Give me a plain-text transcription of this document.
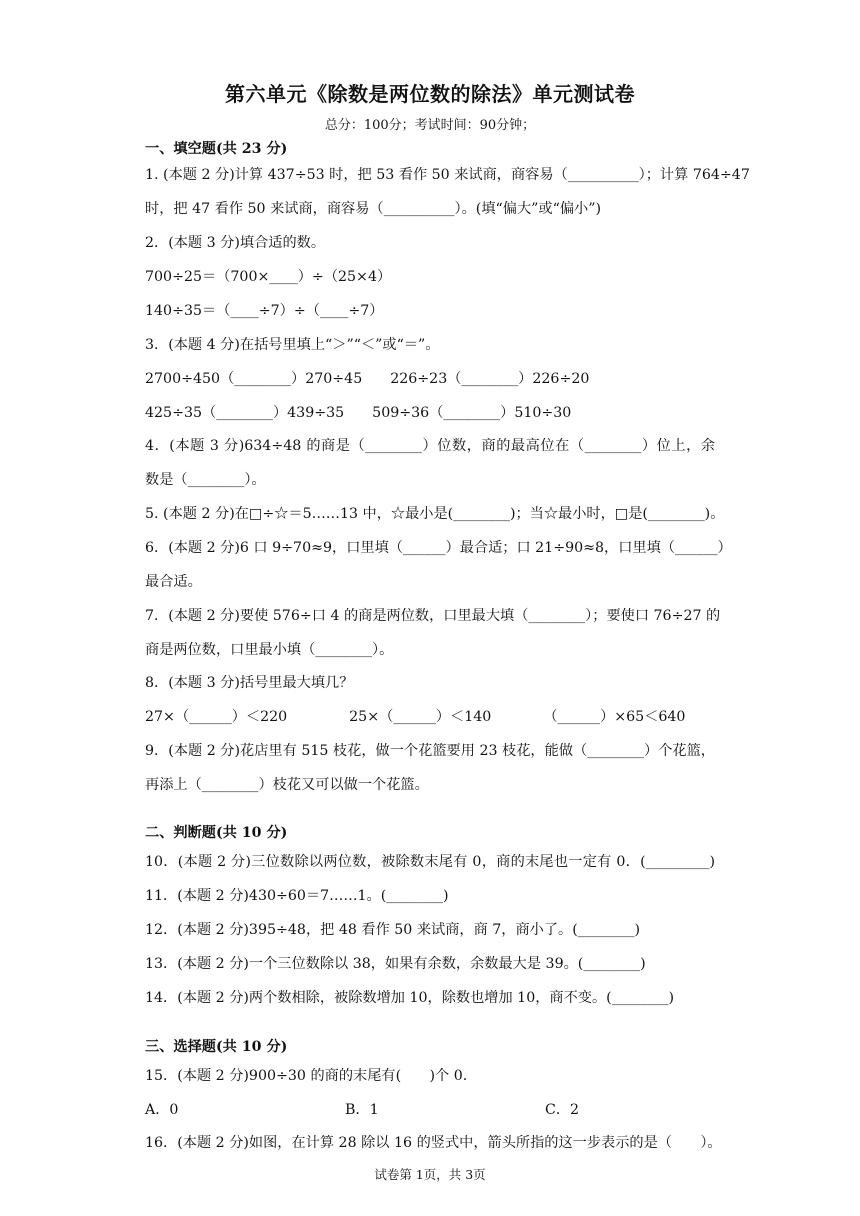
第六单元《除数是两位数的除法》单元测试卷
总分：100分；考试时间：90分钟；
一、填空题(共 23 分)
1. (本题 2 分)计算 437÷53 时，把 53 看作 50 来试商，商容易（__________）；计算 764÷47
时，把 47 看作 50 来试商，商容易（__________）。(填“偏大”或“偏小”)
2．(本题 3 分)填合适的数。
700÷25＝（700×____）÷（25×4）
140÷35＝（____÷7）÷（____÷7）
3．(本题 4 分)在括号里填上“＞”“＜”或“＝”。
2700÷450（________）270÷45 226÷23（________）226÷20
425÷35（________）439÷35 509÷36（________）510÷30
4．(本题 3 分)634÷48 的商是（________）位数，商的最高位在（________）位上，余
数是（________）。
5. (本题 2 分)在□÷☆＝5……13 中，☆最小是(________)；当☆最小时，□是(________)。
6．(本题 2 分)6 口 9÷70≈9，口里填（______）最合适；口 21÷90≈8，口里填（______）
最合适。
7．(本题 2 分)要使 576÷口 4 的商是两位数，口里最大填（________）；要使口 76÷27 的
商是两位数，口里最小填（________）。
8．(本题 3 分)括号里最大填几？
27×（______）＜220	25×（______）＜140	（______）×65＜640
9．(本题 2 分)花店里有 515 枝花，做一个花篮要用 23 枝花，能做（________）个花篮，
再添上（________）枝花又可以做一个花篮。
二、判断题(共 10 分)
10．(本题 2 分)三位数除以两位数，被除数末尾有 0，商的末尾也一定有 0．(_________)
11．(本题 2 分)430÷60＝7……1。(________)
12．(本题 2 分)395÷48，把 48 看作 50 来试商，商 7，商小了。(________)
13．(本题 2 分)一个三位数除以 38，如果有余数，余数最大是 39。(________)
14．(本题 2 分)两个数相除，被除数增加 10，除数也增加 10，商不变。(________)
三、选择题(共 10 分)
15．(本题 2 分)900÷30 的商的末尾有(　　)个 0.
A．0	B．1	C．2
16．(本题 2 分)如图，在计算 28 除以 16 的竖式中，箭头所指的这一步表示的是（　　）。
试卷第 1页，共 3页
